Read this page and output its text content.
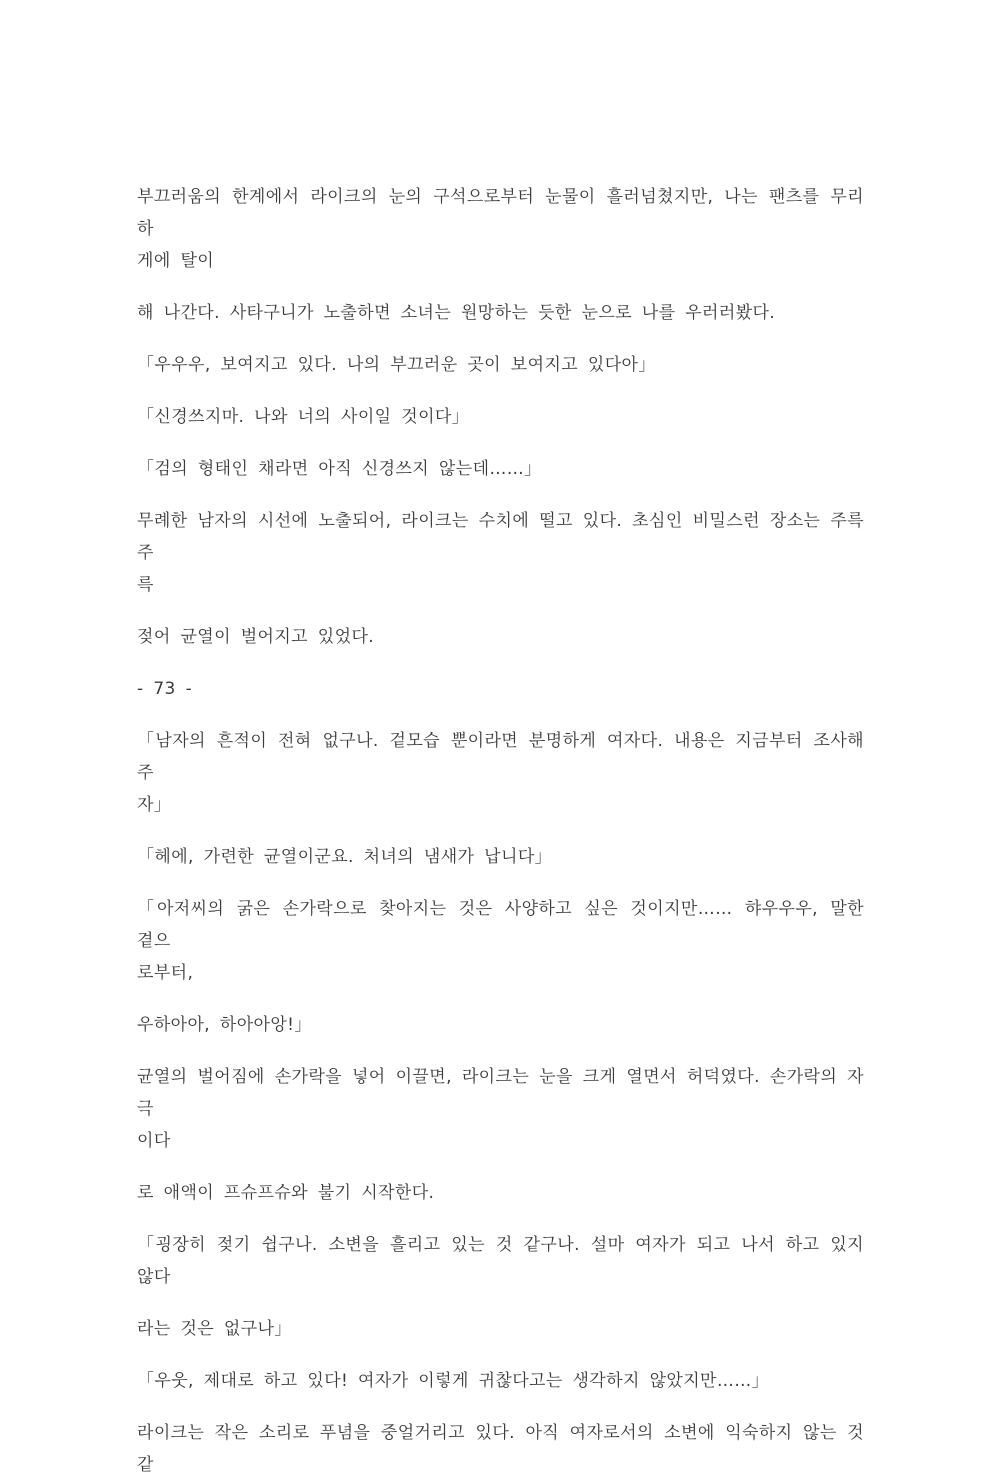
부끄러움의 한계에서 라이크의 눈의 구석으로부터 눈물이 흘러넘쳤지만, 나는 팬츠를 무리하

게에 탈이

해 나간다. 사타구니가 노출하면 소녀는 원망하는 듯한 눈으로 나를 우러러봤다.

「우우우, 보여지고 있다. 나의 부끄러운 곳이 보여지고 있다아」

「신경쓰지마. 나와 너의 사이일 것이다」

「검의 형태인 채라면 아직 신경쓰지 않는데……」

무례한 남자의 시선에 노출되어, 라이크는 수치에 떨고 있다. 초심인 비밀스런 장소는 주륵주

륵

젖어 균열이 벌어지고 있었다.

- 73 -

「남자의 흔적이 전혀 없구나. 겉모습 뿐이라면 분명하게 여자다. 내용은 지금부터 조사해 주

자」

「헤에, 가련한 균열이군요. 처녀의 냄새가 납니다」

「아저씨의 굵은 손가락으로 찾아지는 것은 사양하고 싶은 것이지만…… 햐우우우, 말한 곁으

로부터,

우하아아, 하아아앙!」

균열의 벌어짐에 손가락을 넣어 이끌면, 라이크는 눈을 크게 열면서 허덕였다. 손가락의 자극

이다

로 애액이 프슈프슈와 불기 시작한다.

「굉장히 젖기 쉽구나. 소변을 흘리고 있는 것 같구나. 설마 여자가 되고 나서 하고 있지 않다

라는 것은 없구나」

「우웃, 제대로 하고 있다! 여자가 이렇게 귀찮다고는 생각하지 않았지만……」

라이크는 작은 소리로 푸념을 중얼거리고 있다. 아직 여자로서의 소변에 익숙하지 않는 것 같
